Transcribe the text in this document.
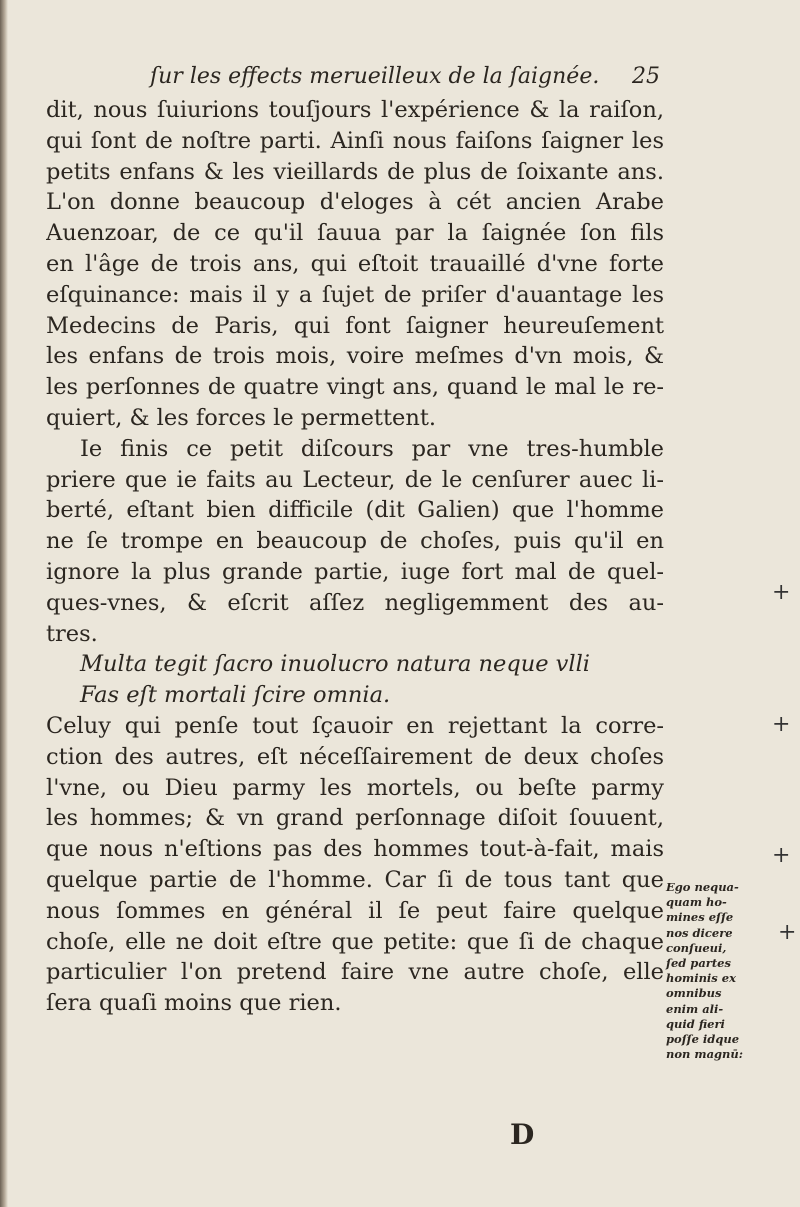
ſur les effects merueilleux de la ſaignée. 25
dit, nous ſuiurions touſjours l'expérience & la raiſon,
qui ſont de noſtre parti. Ainſi nous faiſons ſaigner les
petits enfans & les vieillards de plus de ſoixante ans.
L'on donne beaucoup d'eloges à cét ancien Arabe
Auenzoar, de ce qu'il ſauua par la ſaignée ſon fils
en l'âge de trois ans, qui eſtoit trauaillé d'vne forte
eſquinance: mais il y a ſujet de priſer d'auantage les
Medecins de Paris, qui font ſaigner heureuſement
les enfans de trois mois, voire meſmes d'vn mois, &
les perſonnes de quatre vingt ans, quand le mal le re-
quiert, & les forces le permettent.
Ie finis ce petit diſcours par vne tres-humble
priere que ie faits au Lecteur, de le cenſurer auec li-
berté, eſtant bien difficile (dit Galien) que l'homme
ne ſe trompe en beaucoup de choſes, puis qu'il en
ignore la plus grande partie, iuge fort mal de quel-
ques-vnes, & eſcrit aſſez negligemment des au-
tres.
Multa tegit ſacro inuolucro natura neque vlli
Fas eſt mortali ſcire omnia.
Celuy qui penſe tout ſçauoir en rejettant la corre-
ction des autres, eſt néceſſairement de deux choſes
l'vne, ou Dieu parmy les mortels, ou beſte parmy
les hommes; & vn grand perſonnage diſoit ſouuent,
que nous n'eſtions pas des hommes tout-à-fait, mais
quelque partie de l'homme. Car ſi de tous tant que
nous ſommes en général il ſe peut faire quelque
choſe, elle ne doit eſtre que petite: que ſi de chaque
particulier l'on pretend faire vne autre choſe, elle
ſera quaſi moins que rien.
Ego nequa-
quam ho-
mines eſſe
nos dicere
conſueui,
ſed partes
hominis ex
omnibus
enim ali-
quid fieri
poſſe idque
non magnū:
+
+
+
+
D
